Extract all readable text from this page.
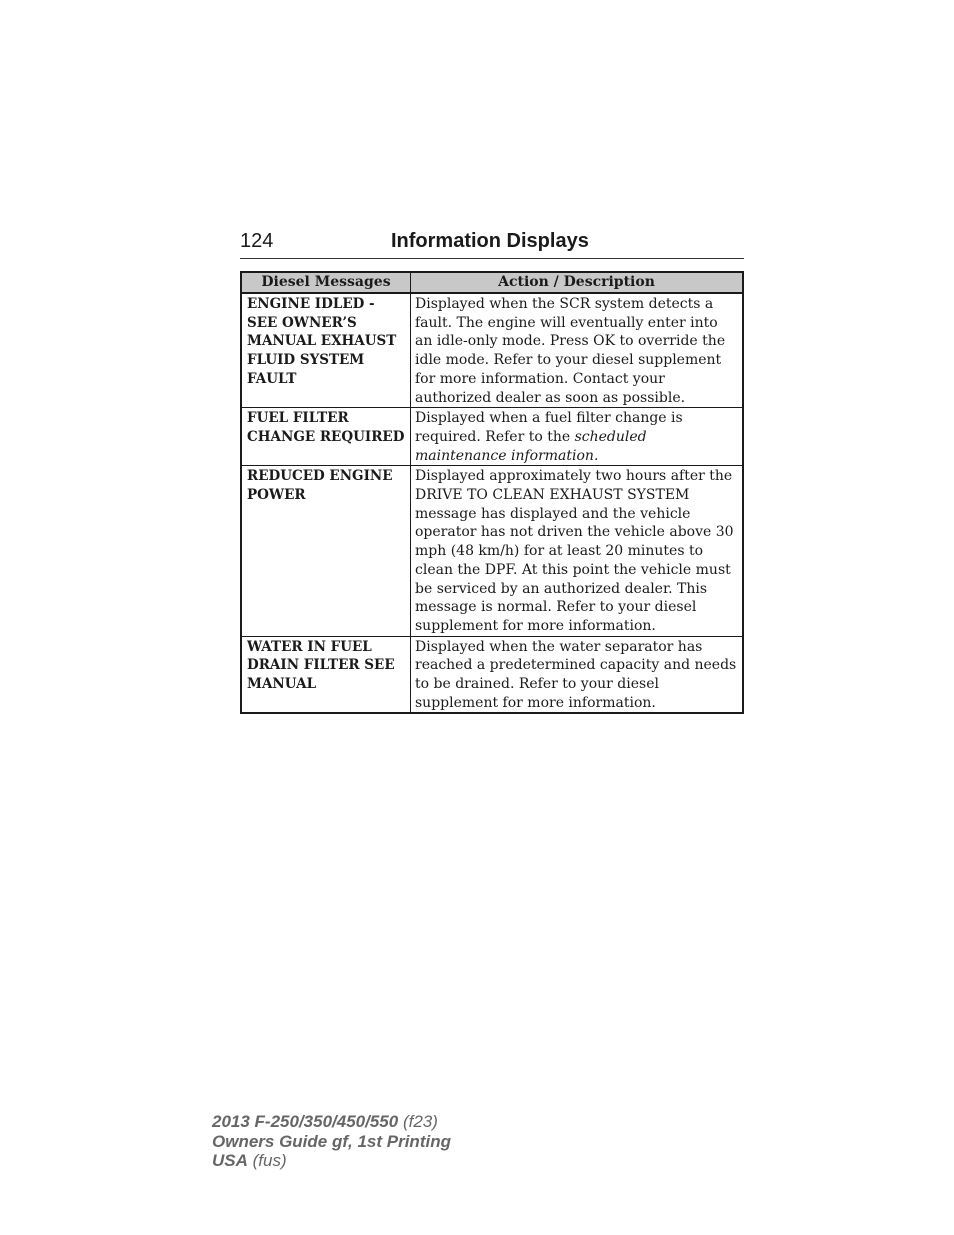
124	Information Displays
Diesel Messages	Action / Description
ENGINE IDLED - SEE OWNER’S MANUAL EXHAUST FLUID SYSTEM FAULT	Displayed when the SCR system detects a fault. The engine will eventually enter into an idle-only mode. Press OK to override the idle mode. Refer to your diesel supplement for more information. Contact your authorized dealer as soon as possible.
FUEL FILTER CHANGE REQUIRED	Displayed when a fuel filter change is required. Refer to the scheduled maintenance information.
REDUCED ENGINE POWER	Displayed approximately two hours after the DRIVE TO CLEAN EXHAUST SYSTEM message has displayed and the vehicle operator has not driven the vehicle above 30 mph (48 km/h) for at least 20 minutes to clean the DPF. At this point the vehicle must be serviced by an authorized dealer. This message is normal. Refer to your diesel supplement for more information.
WATER IN FUEL DRAIN FILTER SEE MANUAL	Displayed when the water separator has reached a predetermined capacity and needs to be drained. Refer to your diesel supplement for more information.
2013 F-250/350/450/550 (f23)
Owners Guide gf, 1st Printing
USA (fus)
